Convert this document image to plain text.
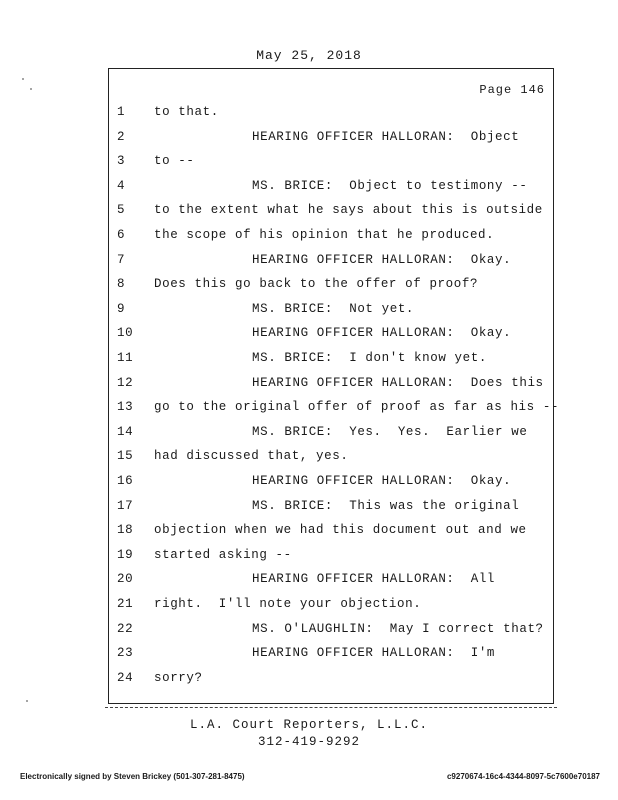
May 25, 2018
Page 146
1	to that.
2	HEARING OFFICER HALLORAN:  Object
3	to --
4	MS. BRICE:  Object to testimony --
5	to the extent what he says about this is outside
6	the scope of his opinion that he produced.
7	HEARING OFFICER HALLORAN:  Okay.
8	Does this go back to the offer of proof?
9	MS. BRICE:  Not yet.
10	HEARING OFFICER HALLORAN:  Okay.
11	MS. BRICE:  I don't know yet.
12	HEARING OFFICER HALLORAN:  Does this
13	go to the original offer of proof as far as his --
14	MS. BRICE:  Yes.  Yes.  Earlier we
15	had discussed that, yes.
16	HEARING OFFICER HALLORAN:  Okay.
17	MS. BRICE:  This was the original
18	objection when we had this document out and we
19	started asking --
20	HEARING OFFICER HALLORAN:  All
21	right.  I'll note your objection.
22	MS. O'LAUGHLIN:  May I correct that?
23	HEARING OFFICER HALLORAN:  I'm
24	sorry?
L.A. Court Reporters, L.L.C.
312-419-9292
Electronically signed by Steven Brickey (501-307-281-8475)	c9270674-16c4-4344-8097-5c7600e70187
